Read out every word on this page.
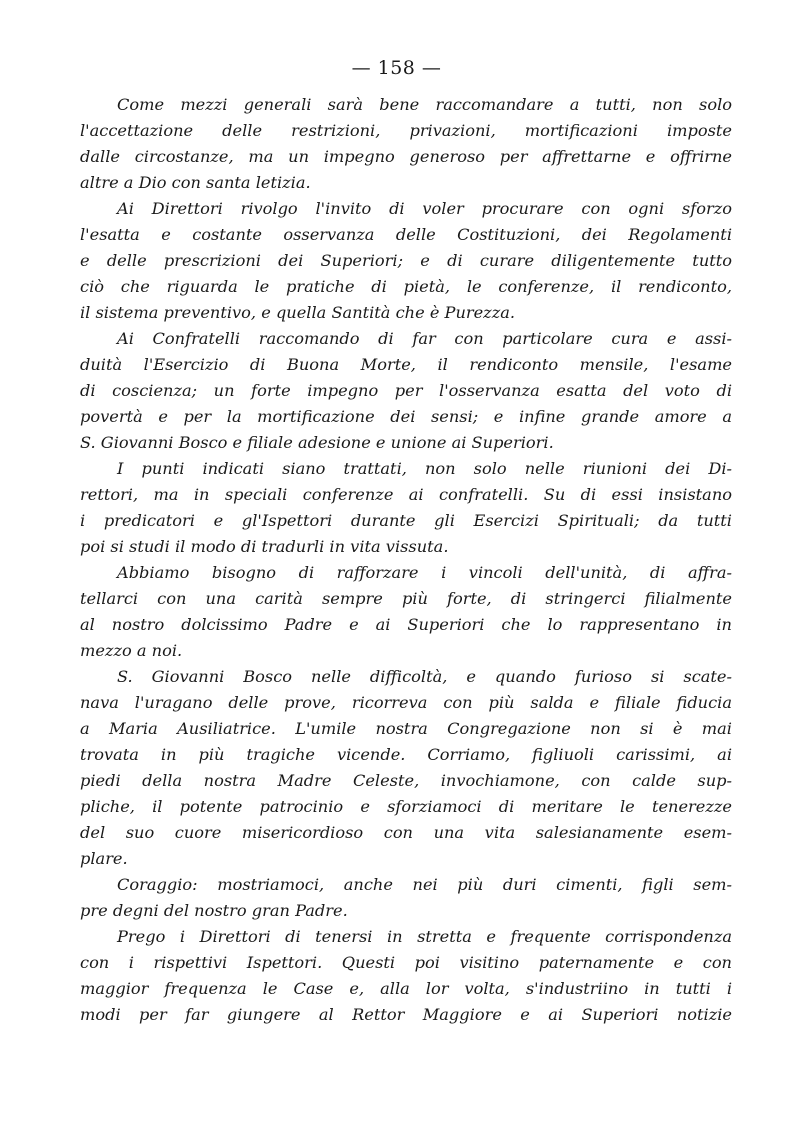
— 158 —
Come mezzi generali sarà bene raccomandare a tutti, non solo
l'accettazione delle restrizioni, privazioni, mortificazioni imposte
dalle circostanze, ma un impegno generoso per affrettarne e offrirne
altre a Dio con santa letizia.
Ai Direttori rivolgo l'invito di voler procurare con ogni sforzo
l'esatta e costante osservanza delle Costituzioni, dei Regolamenti
e delle prescrizioni dei Superiori; e di curare diligentemente tutto
ciò che riguarda le pratiche di pietà, le conferenze, il rendiconto,
il sistema preventivo, e quella Santità che è Purezza.
Ai Confratelli raccomando di far con particolare cura e assi-
duità l'Esercizio di Buona Morte, il rendiconto mensile, l'esame
di coscienza; un forte impegno per l'osservanza esatta del voto di
povertà e per la mortificazione dei sensi; e infine grande amore a
S. Giovanni Bosco e filiale adesione e unione ai Superiori.
I punti indicati siano trattati, non solo nelle riunioni dei Di-
rettori, ma in speciali conferenze ai confratelli. Su di essi insistano
i predicatori e gl'Ispettori durante gli Esercizi Spirituali; da tutti
poi si studi il modo di tradurli in vita vissuta.
Abbiamo bisogno di rafforzare i vincoli dell'unità, di affra-
tellarci con una carità sempre più forte, di stringerci filialmente
al nostro dolcissimo Padre e ai Superiori che lo rappresentano in
mezzo a noi.
S. Giovanni Bosco nelle difficoltà, e quando furioso si scate-
nava l'uragano delle prove, ricorreva con più salda e filiale fiducia
a Maria Ausiliatrice. L'umile nostra Congregazione non si è mai
trovata in più tragiche vicende. Corriamo, figliuoli carissimi, ai
piedi della nostra Madre Celeste, invochiamone, con calde sup-
pliche, il potente patrocinio e sforziamoci di meritare le tenerezze
del suo cuore misericordioso con una vita salesianamente esem-
plare.
Coraggio: mostriamoci, anche nei più duri cimenti, figli sem-
pre degni del nostro gran Padre.
Prego i Direttori di tenersi in stretta e frequente corrispondenza
con i rispettivi Ispettori. Questi poi visitino paternamente e con
maggior frequenza le Case e, alla lor volta, s'industriino in tutti i
modi per far giungere al Rettor Maggiore e ai Superiori notizie
